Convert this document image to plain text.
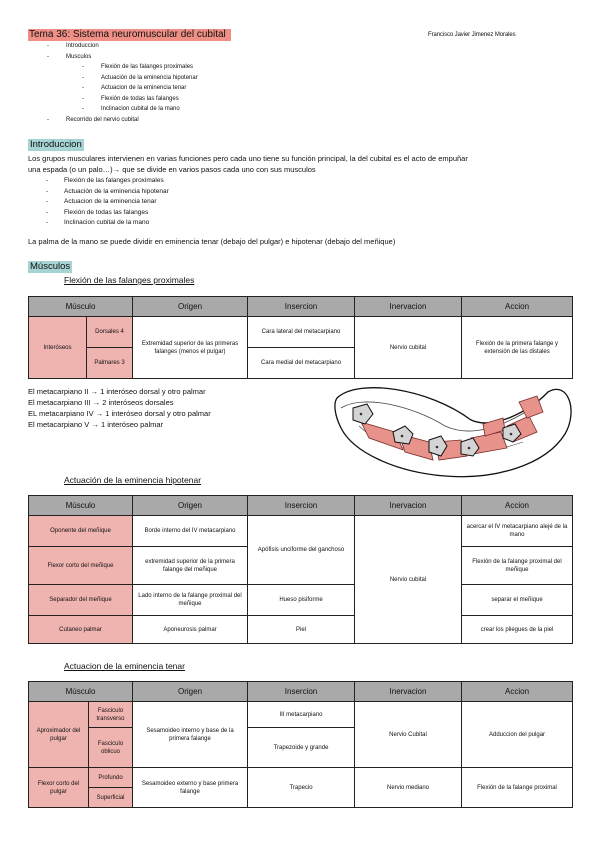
Tema 36: Sistema neuromuscular del cubital	Francisco Javier Jimenez Morales
- Introduccion
- Musculos
- Flexión de las falanges proximales
- Actuación de la eminencia hipotenar
- Actuacion de la eminencia tenar
- Flexión de todas las falanges
- Inclinacion cubital de la mano
- Recorrido del nervio cubital
Introduccion
Los grupos musculares intervienen en varias funciones pero cada uno tiene su función principal, la del cubital es el acto de empuñar
una espada (o un palo…)→ que se divide en varios pasos cada uno con sus musculos
- Flexión de las falanges proximales
- Actuación de la eminencia hipotenar
- Actuacion de la eminencia tenar
- Flexión de todas las falanges
- Inclinacion cubital de la mano
La palma de la mano se puede dividir en eminencia tenar (debajo del pulgar) e hipotenar (debajo del meñique)
Músculos
Flexión de las falanges proximales
Músculo		Origen	Insercion	Inervacion	Accion
Interóseos	Dorsales 4	Extremidad superior de las primeras falanges (menos el pulgar)	Cara lateral del metacarpiano	Nervio cubital	Flexión de la primera falange y extensión de las distales
	Palmares 3		Cara medial del metacarpiano		
El metacarpiano II → 1 interóseo dorsal y otro palmar
El metacarpiano III → 2 interóseos dorsales
EL metacarpiano IV → 1 interóseo dorsal y otro palmar
El metacarpiano V → 1 interóseo palmar
Actuación de la eminencia hipotenar
Músculo	Origen	Insercion	Inervacion	Accion
Oponente del meñique	Borde interno del IV metacarpiano	Apófisis unciforme del ganchoso	Nervio cubital	acercar el IV metacarpiano alejé de la mano
Flexor corto del meñique	extremidad superior de la primera falange del meñique			Flexión de la falange proximal del meñique
Separador del meñique	Lado interno de la falange proximal del meñique	Hueso pisiforme		separar el meñique
Cutaneo palmar	Aponeurosis palmar	Piel		crear los pliegues de la piel
Actuacion de la eminencia tenar
Músculo		Origen	Insercion	Inervacion	Accion
Aproximador del pulgar	Fasciculo transverso	Sesamoideo interno y base de la primera falange	III metacarpiano	Nervio Cubital	Adduccion del pulgar
	Fasciculo oblicuo		Trapezoide y grande		
Flexor corto del pulgar	Profundo	Sesamoideo externo y base primera falange	Trapecio	Nervio mediano	Flexión de la falange proximal
	Superficial				
